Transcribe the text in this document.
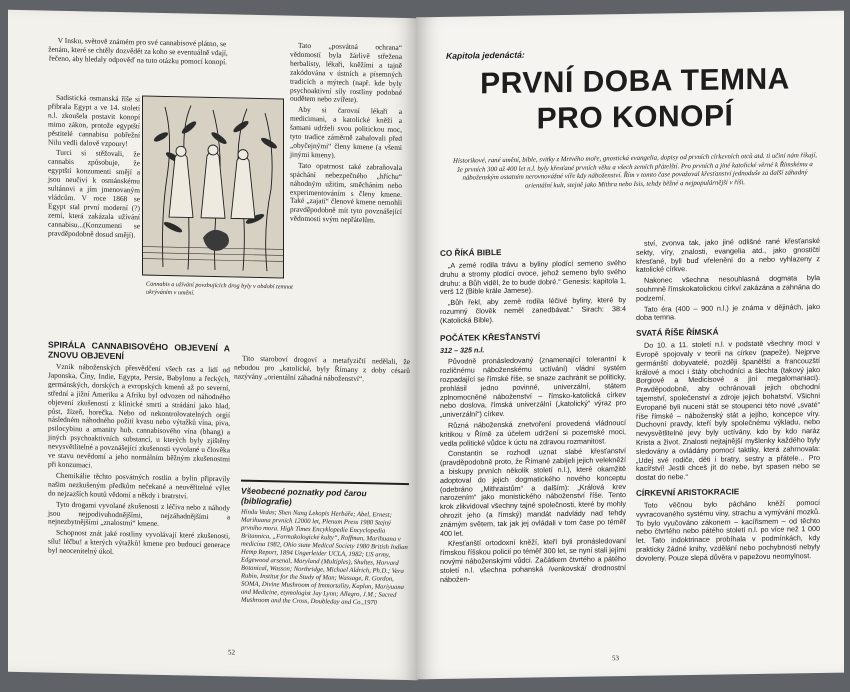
V Insku, světově známém pro své cannabisové plátno, se ženám, které se chtěly dozvědět za koho se eventuálně vdají, řečeno, aby hledaly odpověď na tuto otázku pomocí konopí.

Sadistická osmanská říše si přibrala Egypt a ve 14. století n.l. zkoušela postavit konopí mimo zákon, protože egyptští pěstitelé cannabisu pobřežní Nilu vedli dalově vzpoury!

Turci si stěžovali, že cannabis způsobuje, že egyptští konzumenti smějí a jsou neučiví k osmánskému sultánovi a jím jmenovaným vládcům. V roce 1868 se Egypt stal první moderní (?) zemí, která zakázala užívání cannabisu...(Konzumenti se pravděpodobně dosud smějí).

Cannabis a užívání povzbujících drog byly v období temnot ukrýváním v umění.

Tato „posvátná ochrana“ vědomostí byla žárlivě střežena herbalisty, lékaři, kněžími a tajně zakódována v ústních a písemných tradicích a mýtech (např. kde byly psychoaktivní síly rostliny podobné oudětem nebo zvířete).

Aby si čarovní lékaři a medicimani, a katolické kněží a šamani udrželi svou politickou moc, tyto tradice záměrně zahalovali před „obyčejnými“ členy kmene (a všemi jinými kmeny).

Tato opatrnost také zabraňovala spáchání nebezpečného „hříchu“ náhodným užitím, směchánim nebo experimentováním s členy kmene. Také „zajatí“ členové kmene nemohli pravděpodobně mít tyto povznášející vědomosti svým nepřátelům.

Tito staroboví drogoví a metafyzičtí nedělali, že nebudou pro „katolické, byly Římany z doby césarů nazývány „orientální záhadná náboženství“.

SPIRÁLA CANNABISOVÉHO OBJEVENÍ A ZNOVU OBJEVENÍ

Vznik náboženských přesvědčení všech ras a lidí od Japonska, Číny, Indie, Egypta, Persie, Babylonu a řeckých, germánských, dorských a evropských kmenů až po severní, střední a jižní Ameriku a Afriku byl odvozen od náhodného objevení zkušeností z klinické smrti a strádání jako hlad, půst, žízeň, horečka. Nebo od nekontrolovatelných orgií následném náhodného požití kvasu nebo výtažků vína, piva, psilocybinu a amanity hub, cannabisového vína (bhang) a jiných psychoaktivních substancí, u kterých byly zjištěny nevysvětlitelné a povznášející zkušenosti vyvolané u člověka ve stavu nevědomí a jeho normálním běžným zkušenostmi při konzumaci.

Chemikálie těchto posvátných rostlin a bylin připravily našim nezkušeným předkům nečekané a neuvěřitelné výlet do nejzazších koutů vědomí a někdy i bratrství.

Tyto drogami vyvolané zkušenosti z léčiva nebo z náhody jsou nejpodivuhodnějšími, nejzáhadnějšími a nejnezbytnějšími „znalostmi“ kmene.

Schopnost znát jaké rostliny vyvolávají které zkušenosti, sílu! léčbu! a kterých výtažků! kmene pro budoucí generace byl neocenitelný úkol.

Všeobecné poznatky pod čarou (bibliografie)
Hindu Vedas; Shen Nung Lekopis Herbáře; Abel, Ernest; Marihuana prvních 12000 let, Plenum Press 1980 Stejný prvního mora. High Times Encyklopedie Encyclopedia Britannica, „Farmakologické kulty“, Roffman, Marihuana v medicína 1982, Ohio state Medical Society 1980 British Indian Hemp Report, 1894 Ungerleider UCLA, 1982; US army, Edgewood arsenal, Maryland (Multiples), Shultes, Harvard Botanical, Wasson; Northridge, Michael Aldrich, Ph.D.; Vera Rubin, Institut for the Study of Man; Wassage, R. Gordon, SOMA, Divine Mushroom of Immortality, Kaplan, Mariyuana and Medicine, etymologist Jay Lynn; Allegro, J.M.; Sacred Mushroom and the Cross, Doubleday and Co.,1970
52
Kapitola jedenáctá:
PRVNÍ DOBA TEMNA
PRO KONOPÍ
Historikové, rané umění, bible, svitky z Mrtvého moře, gnostická evangelia, dopisy od prvních církevních otců atd. ti učiní nám říkají, že prvních 300 až 400 let n.l. byly křesťané prvních věku a všech zemích přátelští. Pro prvních a jiné katolické věrné k Římskému a náboženským ostatním nerovnovážné víře kdy náboženství. Řím v tomto čase považoval křesťanství jednoduše za další záhadný orientální kult, stejně jako Mithra nebo Isis, tehdy běžné a nejpopulárnější v říši.
CO ŘÍKÁ BIBLE

„A zemé rodila trávu a byliny plodící semeno svého druhu a stromy plodící ovoce, jehož semeno bylo svého druhu: a Bůh viděl, že to bude dobré.“ Genesis: kapitola 1, verš 12 (Bible krále Jamese).

„Bůh řekl, aby země rodila léčivé byliny, které by rozumný člověk neměl zanedbávat.“ Sirach: 38:4 (Katolická Bible).

POČÁTEK KŘESŤANSTVÍ
312 – 325 n.l.

Původně pronásledovaný (znamenající tolerantní k rozličnému náboženskému uctívání) vládní systém rozpadající se římské říše, se snaze zachránit se politicky, prohlásil jedno povinné, univerzální, státem zplnomocněné náboženství – římsko-katolická církev nebo doslova, římská univerzální („katolický“ výraz pro „univerzální“) církev.

Různá náboženská znetvoření provedená vládnoucí kritikou v Římě za účelem udržení si pozemské moci, vedla politické vůdce k úctu na zdravou rozmanitost.

Constantin se rozhodl uznat slabé křesťanství (pravděpodobně proto, že Římané zabíjeli jejich velekněží a biskupy prvních několik století n.l.), které okamžitě adoptoval do jejich dogmatického nového konceptu (odebráno „Mithraistům“ a dalším): „Králová krev narozením“ jako monistického náboženství říše. Tento krok zlikvidoval všechny tajné společnosti, které by mohly ohrozit jeho (a římský) mandát nadvlády nad tehdy známým světem, tak jak jej ovládali v tom čase po téměř 400 let.

Křesťanští ortodoxní kněží, kteří byli pronásledovaní římskou říšskou policií po téměř 300 let, se nyní stali jejími novými náboženskými vůdci. Začátkem čtvrtého a pátého století n.l. všechna pohanská /venkovská/ drodnostní nábožen-

ství, zvonva tak, jako jiné odlišné rané křesťanské sekty, víry, znalosti, evangelia atd., jako gnostičtí křesťané, byli buď vřeleněni do a nebo vyhlazeny z katolické církve.

Nakonec všechna nesouhlasná dogmata byla souhrnně římskokatolickou církví zakázána a zahnána do podzemí.

Tato éra (400 – 900 n.l.) je známa v dějinách, jako doba temna.

SVATÁ ŘÍŠE ŘÍMSKÁ

Do 10. a 11. století n.l. v podstatě všechny moci v Evropě spojovaly v teorii na církev (papeže). Nejprve germánští dobyvatelé, později španělští a francouzští králové a moci i štáty obchodníci a šlechta (takový jako Borgiové a Medicisové a jiní megalomaniaci). Pravděpodobně, aby ochránovali jejich obchodní tajemství, společenství a zdroje jejich bohatství. Všichni Evropané byli nuceni stát se stoupenci této nové „svaté“ říše římské – náboženský stát a jejího, koncepce víry. Duchovní pravdy, kteří byly společnému výkladu, nebo nevysvětlitelné jevy byly uctívány, kdo by kdo naráz Krista a život. Znalosti nejtajnější myšlenky každého byly sledovány a ovládány pomocí taktiky, která zahrnovala: „Udej své rodiče, děti i bratry, sestry a přátele... Pro kacířství! Jestli chceš jít do nebe, byt spasen nebo se dostat do nebe.“

CÍRKEVNÍ ARISTOKRACIE

Toto věčnou bylo pácháno kněží pomocí vyvracovaného systému viny, strachu a vymývání mozků. To bylo vyučováno zákonem – kacířismem – od těchto nebo čtvrtého nebo pátého století n.l. po více než 1 000 let. Tato indoktrinace probíhala v podmínkách, kdy prakticky žádné knihy, vzdělání nebo pochybnosti nebyly dovoleny. Pouze slepá důvěra v papežovu neomylnost.

53
